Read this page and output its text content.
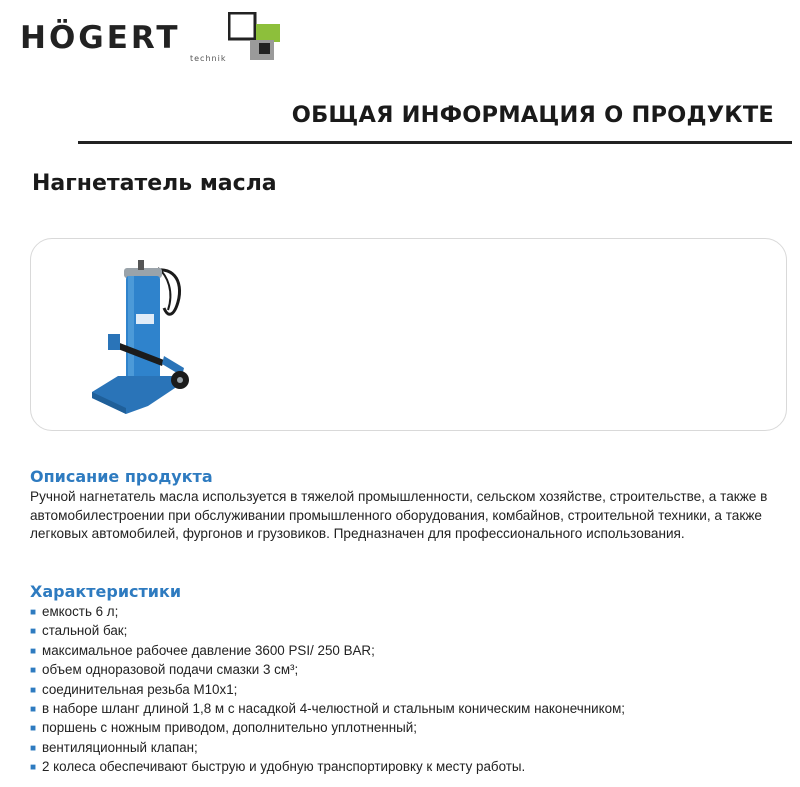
HÖGERT
technik
ОБЩАЯ ИНФОРМАЦИЯ О ПРОДУКТЕ
Нагнетатель масла
Описание продукта

Ручной нагнетатель масла используется в тяжелой промышленности, сельском хозяйстве, строительстве, а также в автомобилестроении при обслуживании промышленного оборудования, комбайнов, строительной техники, а также легковых автомобилей, фургонов и грузовиков. Предназначен для профессионального использования.

Характеристики
■ емкость 6 л;
■ стальной бак;
■ максимальное рабочее давление 3600 PSI/ 250 BAR;
■ объем одноразовой подачи смазки 3 см³;
■ соединительная резьба M10x1;
■ в наборе шланг длиной 1,8 м с насадкой 4-челюстной и стальным коническим наконечником;
■ поршень с ножным приводом, дополнительно уплотненный;
■ вентиляционный клапан;
■ 2 колеса обеспечивают быструю и удобную транспортировку к месту работы.
